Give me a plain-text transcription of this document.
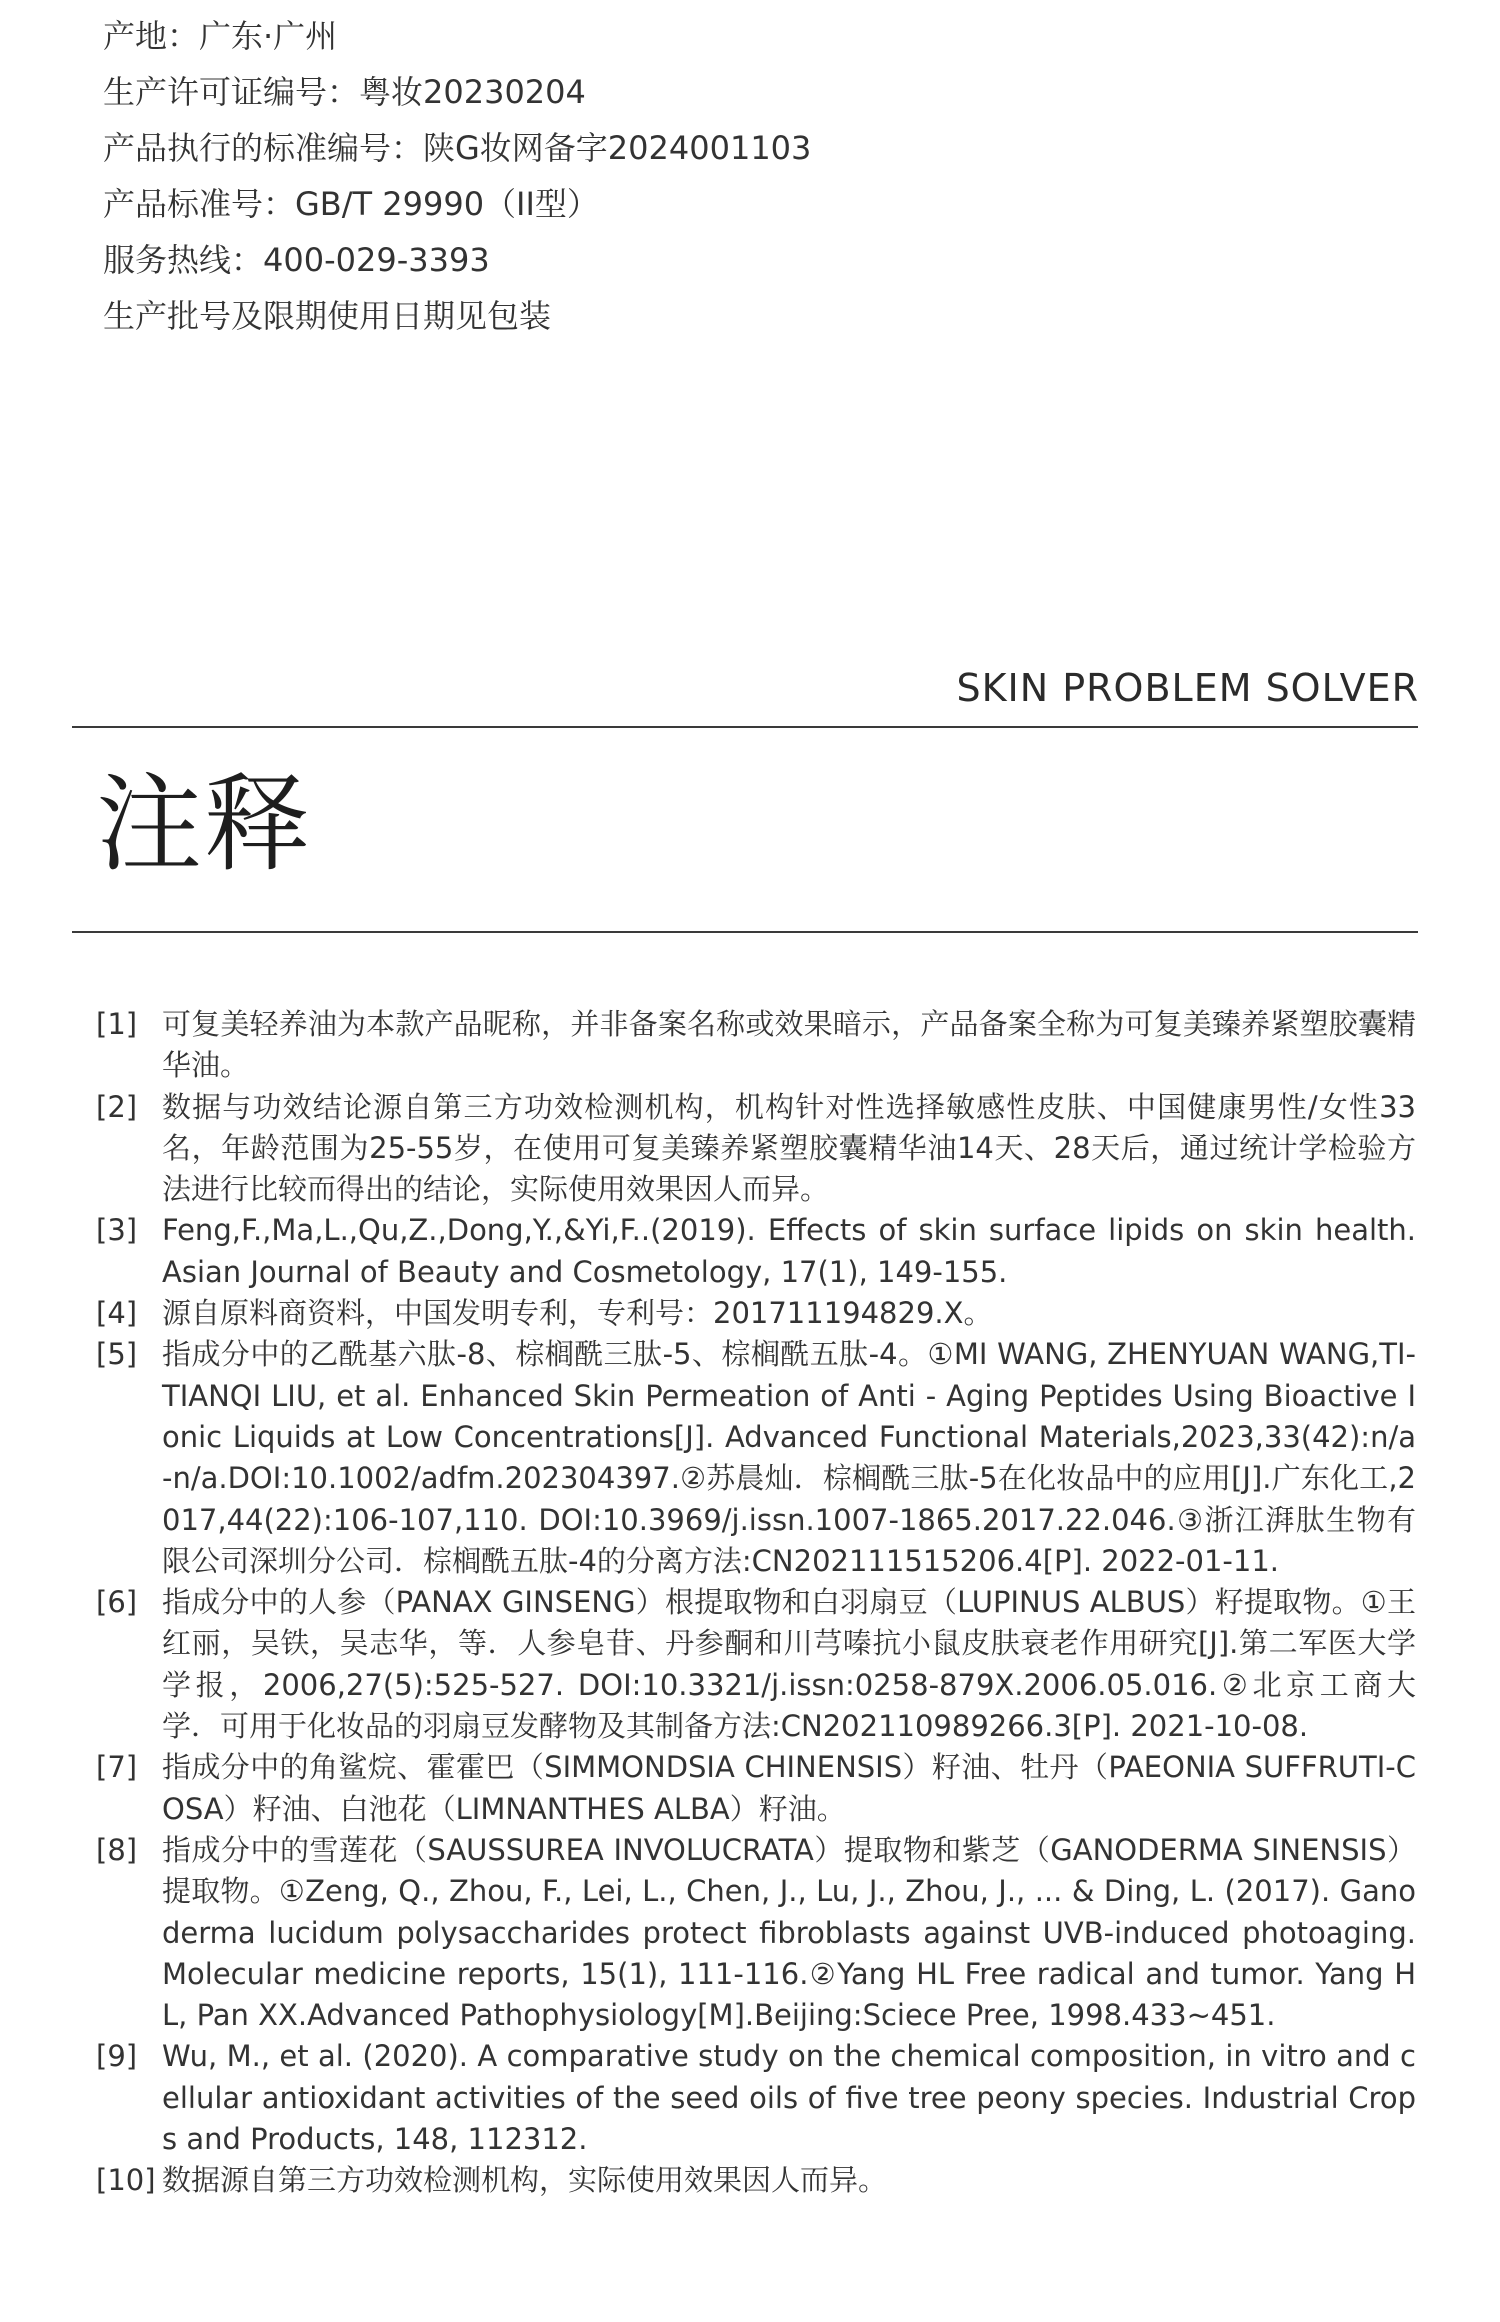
产地：广东·广州
生产许可证编号：粤妆20230204
产品执行的标准编号：陕G妆网备字2024001103
产品标准号：GB/T 29990（II型）
服务热线：400-029-3393
生产批号及限期使用日期见包装
SKIN PROBLEM SOLVER
注释
[1] 可复美轻养油为本款产品昵称，并非备案名称或效果暗示，产品备案全称为可复美臻养紧塑胶囊精华油。
[2] 数据与功效结论源自第三方功效检测机构，机构针对性选择敏感性皮肤、中国健康男性/女性33名，年龄范围为25-55岁，在使用可复美臻养紧塑胶囊精华油14天、28天后，通过统计学检验方法进行比较而得出的结论，实际使用效果因人而异。
[3] Feng,F.,Ma,L.,Qu,Z.,Dong,Y.,&Yi,F..(2019). Effects of skin surface lipids on skin health. Asian Journal of Beauty and Cosmetology, 17(1), 149-155.
[4] 源自原料商资料，中国发明专利，专利号：201711194829.X。
[5] 指成分中的乙酰基六肽-8、棕榈酰三肽-5、棕榈酰五肽-4。①MI WANG, ZHENYUAN WANG,TI-TIANQI LIU, et al. Enhanced Skin Permeation of Anti - Aging Peptides Using Bioactive Ionic Liquids at Low Concentrations[J]. Advanced Functional Materials,2023,33(42):n/a-n/a.DOI:10.1002/adfm.202304397.②苏晨灿．棕榈酰三肽-5在化妆品中的应用[J].广东化工,2017,44(22):106-107,110. DOI:10.3969/j.issn.1007-1865.2017.22.046.③浙江湃肽生物有限公司深圳分公司．棕榈酰五肽-4的分离方法:CN202111515206.4[P]. 2022-01-11.
[6] 指成分中的人参（PANAX GINSENG）根提取物和白羽扇豆（LUPINUS ALBUS）籽提取物。①王红丽，吴铁，吴志华，等．人参皂苷、丹参酮和川芎嗪抗小鼠皮肤衰老作用研究[J].第二军医大学学报，2006,27(5):525-527. DOI:10.3321/j.issn:0258-879X.2006.05.016.②北京工商大学．可用于化妆品的羽扇豆发酵物及其制备方法:CN202110989266.3[P]. 2021-10-08.
[7] 指成分中的角鲨烷、霍霍巴（SIMMONDSIA CHINENSIS）籽油、牡丹（PAEONIA SUFFRUTI-COSA）籽油、白池花（LIMNANTHES ALBA）籽油。
[8] 指成分中的雪莲花（SAUSSUREA INVOLUCRATA）提取物和紫芝（GANODERMA SINENSIS）提取物。①Zeng, Q., Zhou, F., Lei, L., Chen, J., Lu, J., Zhou, J., ... & Ding, L. (2017). Ganoderma lucidum polysaccharides protect fibroblasts against UVB-induced photoaging. Molecular medicine reports, 15(1), 111-116.②Yang HL Free radical and tumor. Yang HL, Pan XX.Advanced Pathophysiology[M].Beijing:Sciece Pree, 1998.433~451.
[9] Wu, M., et al. (2020). A comparative study on the chemical composition, in vitro and cellular antioxidant activities of the seed oils of five tree peony species. Industrial Crops and Products, 148, 112312.
[10] 数据源自第三方功效检测机构，实际使用效果因人而异。
